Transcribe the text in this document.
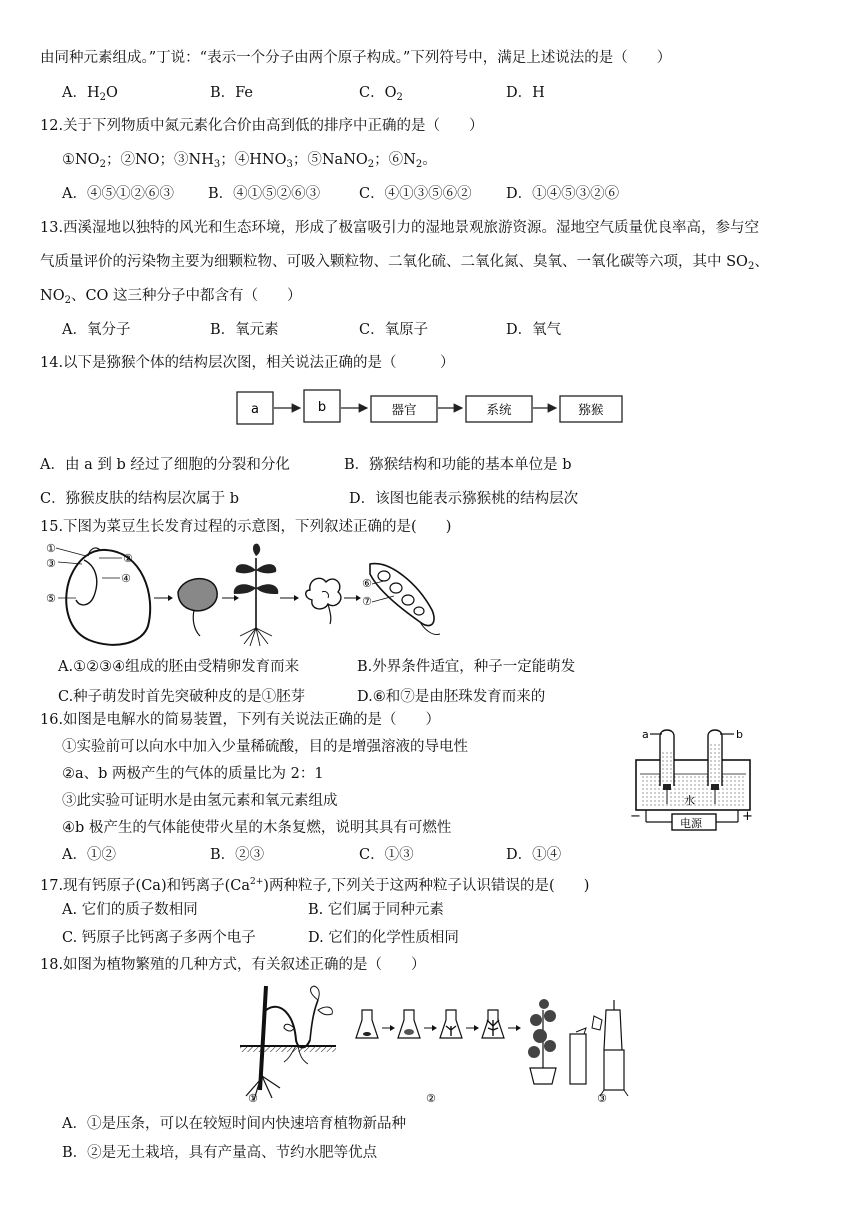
由同种元素组成。”丁说：“表示一个分子由两个原子构成。”下列符号中，满足上述说法的是（　　）
A．$H_2O$	B．Fe	C．$O_2$	D．H
12.关于下列物质中氮元素化合价由高到低的排序中正确的是（　　）
$①NO_2$；②NO；$③NH_3$；$④HNO_3$；⑤NaNO$_2$；$⑥N_2$。
A．④⑤①②⑥③ B．④①⑤②⑥③	C．④①③⑤⑥② D．①④⑤③②⑥
13.西溪湿地以独特的风光和生态环境，形成了极富吸引力的湿地景观旅游资源。湿地空气质量优良率高，参与空
气质量评价的污染物主要为细颗粒物、可吸入颗粒物、二氧化硫、二氧化氮、臭氧、一氧化碳等六项，其中 $SO_2$、
$NO_2$、CO 这三种分子中都含有（　　）
A．氧分子	B．氧元素	C．氧原子	D．氧气
14.以下是猕猴个体的结构层次图，相关说法正确的是（　　　）
a	b	器官	系统	猕猴
A．由 a 到 b 经过了细胞的分裂和分化	B．猕猴结构和功能的基本单位是 b
C．猕猴皮肤的结构层次属于 b	D．该图也能表示猕猴桃的结构层次
15.下图为菜豆生长发育过程的示意图，下列叙述正确的是(　　)
①
②
③
④
⑤
⑥
⑦
A.①②③④组成的胚由受精卵发育而来	B.外界条件适宜，种子一定能萌发
C.种子萌发时首先突破种皮的是①胚芽	D.⑥和⑦是由胚珠发育而来的
16.如图是电解水的简易装置，下列有关说法正确的是（　　）
①实验前可以向水中加入少量稀硫酸，目的是增强溶液的导电性
②a、b 两极产生的气体的质量比为 2：1
③此实验可证明水是由氢元素和氧元素组成
④b 极产生的气体能使带火星的木条复燃，说明其具有可燃性
A．①②	B．②③	C．①③	D．①④
a	b
水
电源
−	+
17.现有钙原子(Ca)和钙离子$(Ca^{2+})$两种粒子,下列关于这两种粒子认识错误的是(　　)
A. 它们的质子数相同	B. 它们属于同种元素
C. 钙原子比钙离子多两个电子	D. 它们的化学性质相同
18.如图为植物繁殖的几种方式，有关叙述正确的是（　　）
①	②	③
A．①是压条，可以在较短时间内快速培育植物新品种
B．②是无土栽培，具有产量高、节约水肥等优点
